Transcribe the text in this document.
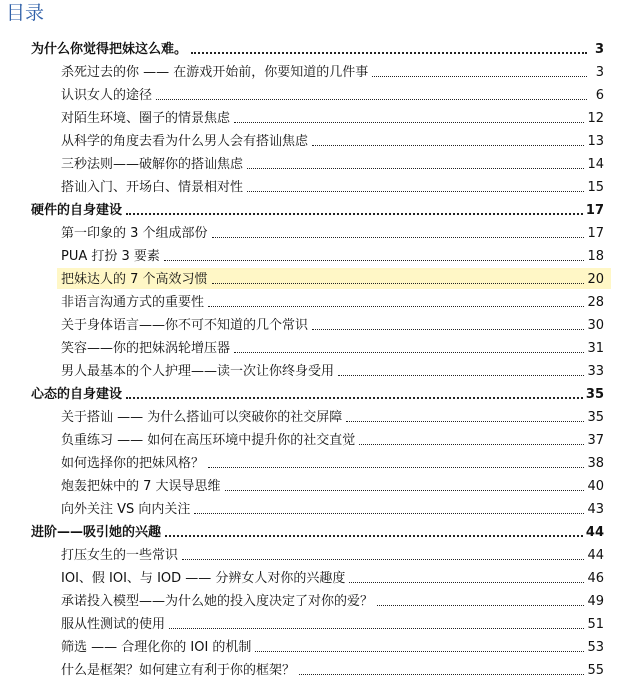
目录
为什么你觉得把妹这么难。	3
杀死过去的你 —— 在游戏开始前，你要知道的几件事	3
认识女人的途径	6
对陌生环境、圈子的情景焦虑	12
从科学的角度去看为什么男人会有搭讪焦虑	13
三秒法则——破解你的搭讪焦虑	14
搭讪入门、开场白、情景相对性	15
硬件的自身建设	17
第一印象的 3 个组成部份	17
PUA 打扮 3 要素	18
把妹达人的 7 个高效习惯	20
非语言沟通方式的重要性	28
关于身体语言——你不可不知道的几个常识	30
笑容——你的把妹涡轮增压器	31
男人最基本的个人护理——读一次让你终身受用	33
心态的自身建设	35
关于搭讪 —— 为什么搭讪可以突破你的社交屏障	35
负重练习 —— 如何在高压环境中提升你的社交直觉	37
如何选择你的把妹风格？	38
炮轰把妹中的 7 大误导思维	40
向外关注 VS 向内关注	43
进阶——吸引她的兴趣	44
打压女生的一些常识	44
IOI、假 IOI、与 IOD —— 分辨女人对你的兴趣度	46
承诺投入模型——为什么她的投入度决定了对你的爱？	49
服从性测试的使用	51
筛选 —— 合理化你的 IOI 的机制	53
什么是框架？如何建立有利于你的框架？	55
